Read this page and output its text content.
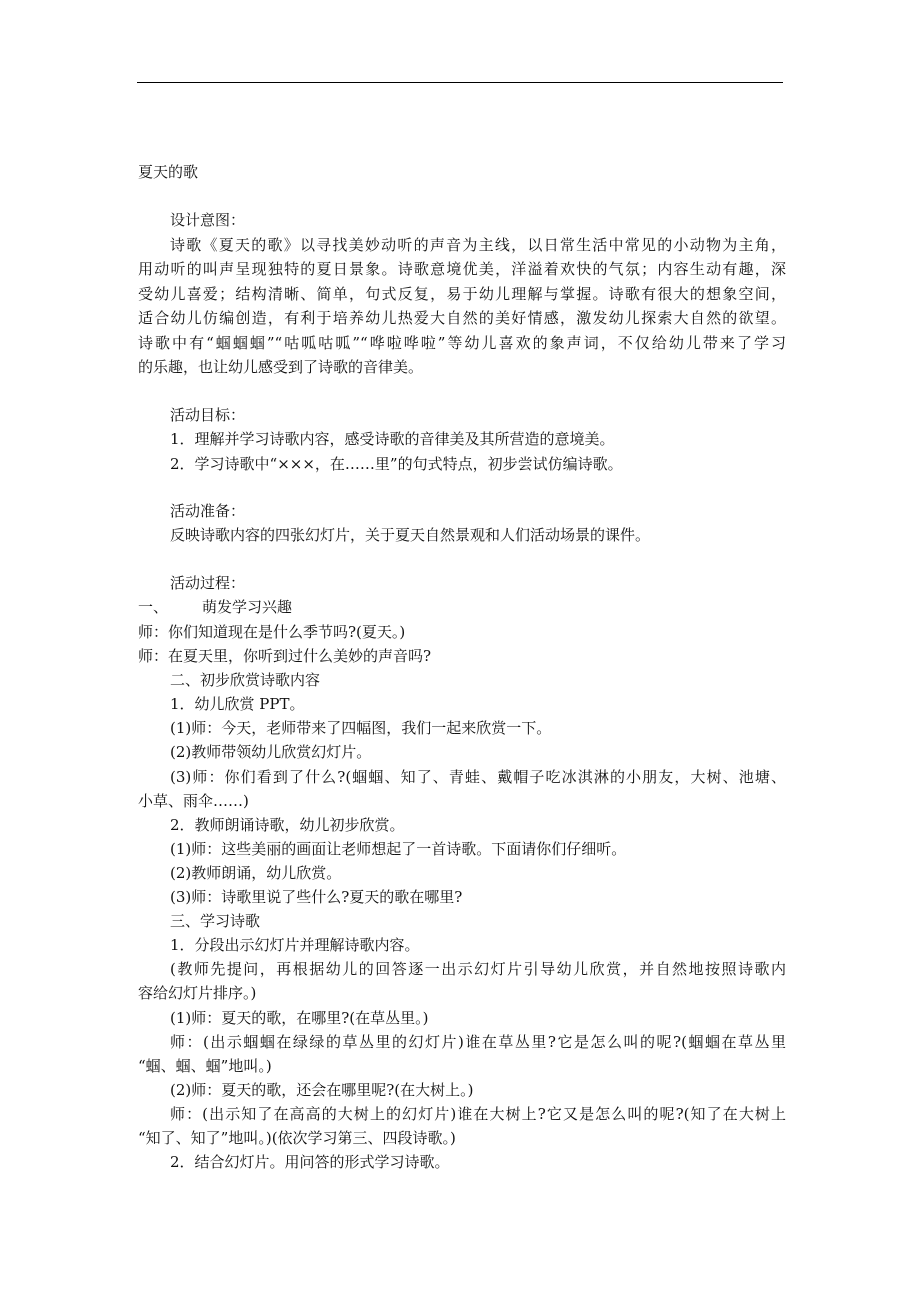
夏天的歌
设计意图：
诗歌《夏天的歌》以寻找美妙动听的声音为主线，以日常生活中常见的小动物为主角，
用动听的叫声呈现独特的夏日景象。诗歌意境优美，洋溢着欢快的气氛；内容生动有趣，深
受幼儿喜爱；结构清晰、简单，句式反复，易于幼儿理解与掌握。诗歌有很大的想象空间，
适合幼儿仿编创造，有利于培养幼儿热爱大自然的美好情感，激发幼儿探索大自然的欲望。
诗歌中有“蝈蝈蝈”“咕呱咕呱”“哗啦哗啦”等幼儿喜欢的象声词，不仅给幼儿带来了学习
的乐趣，也让幼儿感受到了诗歌的音律美。
活动目标：
1．理解并学习诗歌内容，感受诗歌的音律美及其所营造的意境美。
2．学习诗歌中“×××，在……里”的句式特点，初步尝试仿编诗歌。
活动准备：
反映诗歌内容的四张幻灯片，关于夏天自然景观和人们活动场景的课件。
活动过程：
一、	萌发学习兴趣
师：你们知道现在是什么季节吗?(夏天。)
师：在夏天里，你听到过什么美妙的声音吗?
二、初步欣赏诗歌内容
1．幼儿欣赏 PPT。
(1)师：今天，老师带来了四幅图，我们一起来欣赏一下。
(2)教师带领幼儿欣赏幻灯片。
(3)师：你们看到了什么?(蝈蝈、知了、青蛙、戴帽子吃冰淇淋的小朋友，大树、池塘、
小草、雨伞……)
2．教师朗诵诗歌，幼儿初步欣赏。
(1)师：这些美丽的画面让老师想起了一首诗歌。下面请你们仔细听。
(2)教师朗诵，幼儿欣赏。
(3)师：诗歌里说了些什么?夏天的歌在哪里?
三、学习诗歌
1．分段出示幻灯片并理解诗歌内容。
(教师先提问，再根据幼儿的回答逐一出示幻灯片引导幼儿欣赏，并自然地按照诗歌内
容给幻灯片排序。)
(1)师：夏天的歌，在哪里?(在草丛里。)
师：(出示蝈蝈在绿绿的草丛里的幻灯片)谁在草丛里?它是怎么叫的呢?(蝈蝈在草丛里
“蝈、蝈、蝈”地叫。)
(2)师：夏天的歌，还会在哪里呢?(在大树上。)
师：(出示知了在高高的大树上的幻灯片)谁在大树上?它又是怎么叫的呢?(知了在大树上
“知了、知了”地叫。)(依次学习第三、四段诗歌。)
2．结合幻灯片。用问答的形式学习诗歌。
